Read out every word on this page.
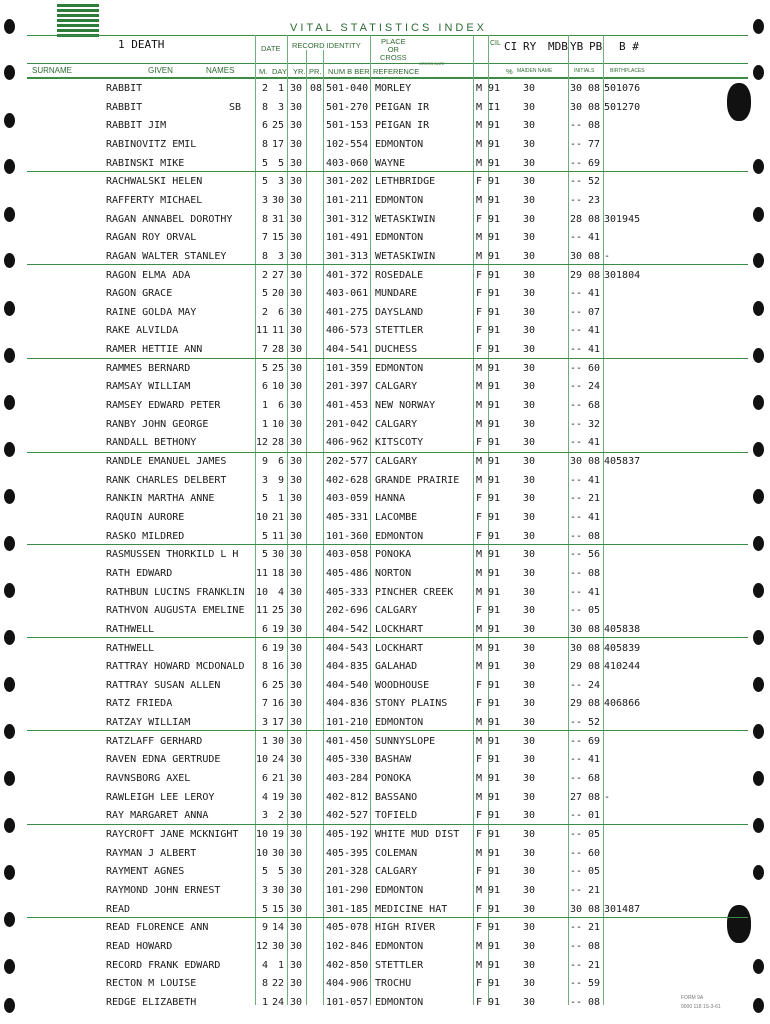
VITAL STATISTICS INDEX
1 DEATH	CI RY MDB YB PB B #
DATE RECORD IDENTITY	PLACE
OR
CROSS
CIL
SURNAME	GIVEN	NAMES	M. DAY YR. PR. NUM B BER REFERENCE
CROSS DATE
% MAIDEN NAME	INITIALS	BIRTHPLACES
RABBIT	2 1 30 08 501-040 MORLEY	M 91 30	30 08 501076
RABBIT	SB	8 3 30 501-270 PEIGAN IR	M I1 30	30 08 501270
RABBIT JIM	6 25 30 501-153 PEIGAN IR	M 91 30	-- 08
RABINOVITZ EMIL	8 17 30 102-554 EDMONTON	M 91 30	-- 77
RABINSKI MIKE	5 5 30 403-060 WAYNE	M 91 30	-- 69
RACHWALSKI HELEN	5 3 30 301-202 LETHBRIDGE	F 91 30	-- 52
RAFFERTY MICHAEL	3 30 30 101-211 EDMONTON	M 91 30	-- 23
RAGAN ANNABEL DOROTHY	8 31 30 301-312 WETASKIWIN	F 91 30	28 08 301945
RAGAN ROY ORVAL	7 15 30 101-491 EDMONTON	M 91 30	-- 41
RAGAN WALTER STANLEY	8 3 30 301-313 WETASKIWIN	M 91 30	30 08 -
RAGON ELMA ADA	2 27 30 401-372 ROSEDALE	F 91 30	29 08 301804
RAGON GRACE	5 20 30 403-061 MUNDARE	F 91 30	-- 41
RAINE GOLDA MAY	2 6 30 401-275 DAYSLAND	F 91 30	-- 07
RAKE ALVILDA	11 11 30 406-573 STETTLER	F 91 30	-- 41
RAMER HETTIE ANN	7 28 30 404-541 DUCHESS	F 91 30	-- 41
RAMMES BERNARD	5 25 30 101-359 EDMONTON	M 91 30	-- 60
RAMSAY WILLIAM	6 10 30 201-397 CALGARY	M 91 30	-- 24
RAMSEY EDWARD PETER	1 6 30 401-453 NEW NORWAY	M 91 30	-- 68
RANBY JOHN GEORGE	1 10 30 201-042 CALGARY	M 91 30	-- 32
RANDALL BETHONY	12 28 30 406-962 KITSCOTY	F 91 30	-- 41
RANDLE EMANUEL JAMES	9 6 30 202-577 CALGARY	M 91 30	30 08 405837
RANK CHARLES DELBERT	3 9 30 402-628 GRANDE PRAIRIE M 91 30	-- 41
RANKIN MARTHA ANNE	5 1 30 403-059 HANNA	F 91 30	-- 21
RAQUIN AURORE	10 21 30 405-331 LACOMBE	F 91 30	-- 41
RASKO MILDRED	5 11 30 101-360 EDMONTON	F 91 30	-- 08
RASMUSSEN THORKILD L H	5 30 30 403-058 PONOKA	M 91 30	-- 56
RATH EDWARD	11 18 30 405-486 NORTON	M 91 30	-- 08
RATHBUN LUCINS FRANKLIN 10 4 30 405-333 PINCHER CREEK M 91 30	-- 41
RATHVON AUGUSTA EMELINE 11 25 30 202-696 CALGARY	F 91 30	-- 05
RATHWELL	6 19 30 404-542 LOCKHART	M 91 30	30 08 405838
RATHWELL	6 19 30 404-543 LOCKHART	M 91 30	30 08 405839
RATTRAY HOWARD MCDONALD	8 16 30 404-835 GALAHAD	M 91 30	29 08 410244
RATTRAY SUSAN ALLEN	6 25 30 404-540 WOODHOUSE	F 91 30	-- 24
RATZ FRIEDA	7 16 30 404-836 STONY PLAINS	F 91 30	29 08 406866
RATZAY WILLIAM	3 17 30 101-210 EDMONTON	M 91 30	-- 52
RATZLAFF GERHARD	1 30 30 401-450 SUNNYSLOPE	M 91 30	-- 69
RAVEN EDNA GERTRUDE	10 24 30 405-330 BASHAW	F 91 30	-- 41
RAVNSBORG AXEL	6 21 30 403-284 PONOKA	M 91 30	-- 68
RAWLEIGH LEE LEROY	4 19 30 402-812 BASSANO	M 91 30	27 08 -
RAY MARGARET ANNA	3 2 30 402-527 TOFIELD	F 91 30	-- 01
RAYCROFT JANE MCKNIGHT 10 19 30 405-192 WHITE MUD DIST F 91 30	-- 05
RAYMAN J ALBERT	10 30 30 405-395 COLEMAN	M 91 30	-- 60
RAYMENT AGNES	5 5 30 201-328 CALGARY	F 91 30	-- 05
RAYMOND JOHN ERNEST	3 30 30 101-290 EDMONTON	M 91 30	-- 21
READ	5 15 30 301-185 MEDICINE HAT	F 91 30	30 08 301487
READ FLORENCE ANN	9 14 30 405-078 HIGH RIVER	F 91 30	-- 21
READ HOWARD	12 30 30 102-846 EDMONTON	M 91 30	-- 08
RECORD FRANK EDWARD	4 1 30 402-850 STETTLER	M 91 30	-- 21
RECTON M LOUISE	8 22 30 404-906 TROCHU	F 91 30	-- 59
REDGE ELIZABETH	1 24 30 101-057 EDMONTON	F 91 30	-- 08	FORM 9A
9000 118 1S-3-61
